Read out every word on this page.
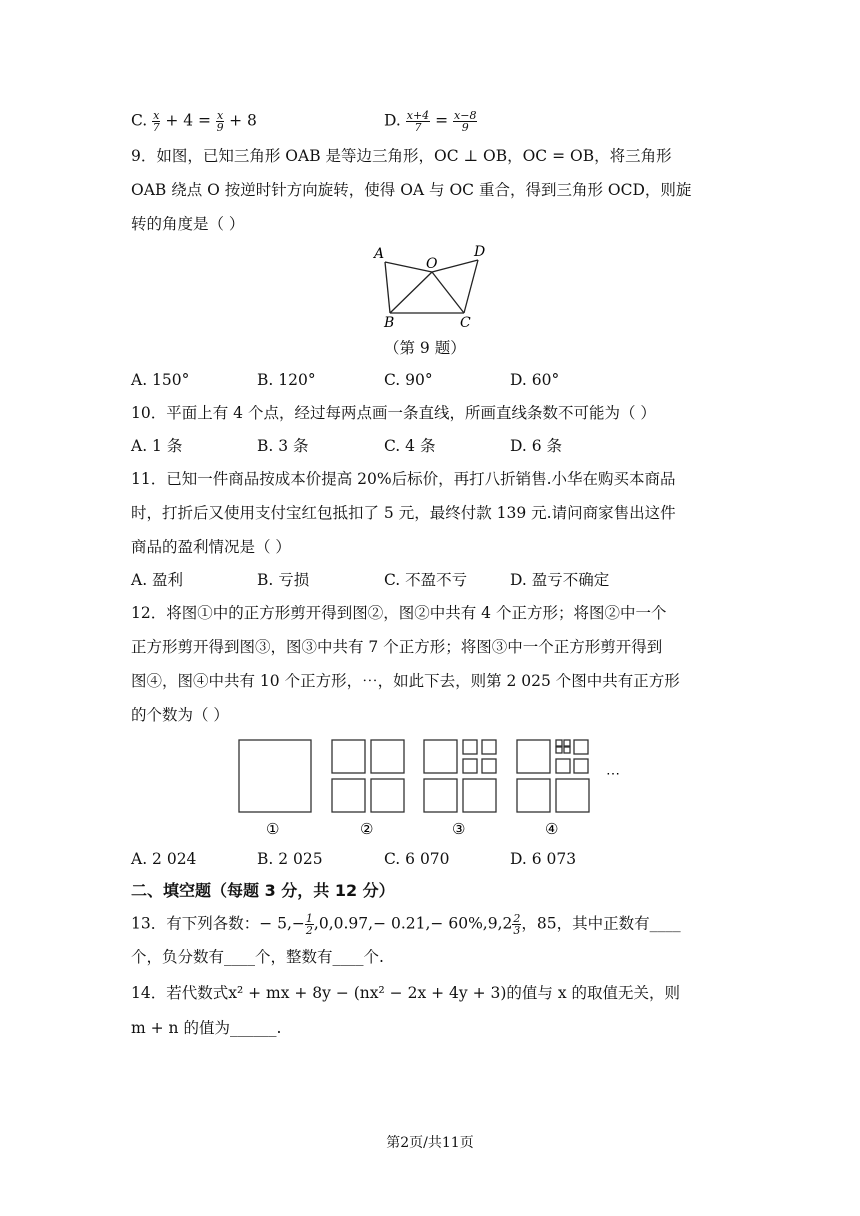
C. $\frac{x}{7} + 4 = \frac{x}{9} + 8$	D. $\frac{x+4}{7} = \frac{x-8}{9}$
9．如图，已知三角形 OAB 是等边三角形，OC ⊥ OB，OC = OB，将三角形
OAB 绕点 O 按逆时针方向旋转，使得 OA 与 OC 重合，得到三角形 OCD，则旋
转的角度是（ ）
A
O
D
B	C
（第 9 题）
A. 150°	B. 120°	C. 90°	D. 60°
10．平面上有 4 个点，经过每两点画一条直线，所画直线条数不可能为（ ）
A. 1 条	B. 3 条	C. 4 条	D. 6 条
11．已知一件商品按成本价提高 20%后标价，再打八折销售.小华在购买本商品
时，打折后又使用支付宝红包抵扣了 5 元，最终付款 139 元.请问商家售出这件
商品的盈利情况是（ ）
A. 盈利	B. 亏损	C. 不盈不亏	D. 盈亏不确定
12．将图①中的正方形剪开得到图②，图②中共有 4 个正方形；将图②中一个
正方形剪开得到图③，图③中共有 7 个正方形；将图③中一个正方形剪开得到
图④，图④中共有 10 个正方形，⋯，如此下去，则第 2 025 个图中共有正方形
的个数为（ ）
⋯
①	②	③	④
A. 2 024	B. 2 025	C. 6 070	D. 6 073
二、填空题（每题 3 分，共 12 分）
13．有下列各数：− $5,- \frac{1}{2} ,0,0.97,- 0.21,- 60\%,9,2 \frac{2}{3}$ ，85，其中正数有____
个，负分数有____个，整数有____个.
14．若代数式x² + mx + 8y − (nx² − 2x + 4y + 3)的值与 x 的取值无关，则
m + n 的值为______.
第2页/共11页
